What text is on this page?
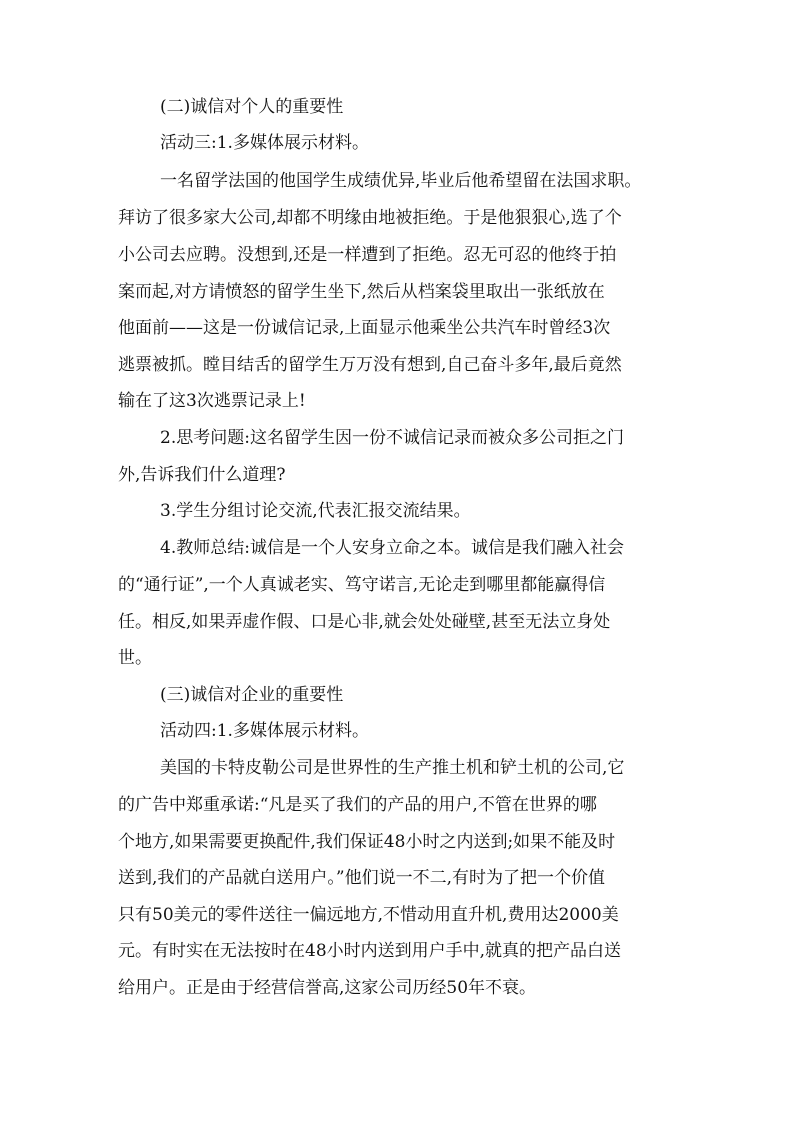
(二)诚信对个人的重要性

活动三:1.多媒体展示材料。

一名留学法国的他国学生成绩优异,毕业后他希望留在法国求职。

拜访了很多家大公司,却都不明缘由地被拒绝。于是他狠狠心,选了个

小公司去应聘。没想到,还是一样遭到了拒绝。忍无可忍的他终于拍

案而起,对方请愤怒的留学生坐下,然后从档案袋里取出一张纸放在

他面前——这是一份诚信记录,上面显示他乘坐公共汽车时曾经3次

逃票被抓。瞠目结舌的留学生万万没有想到,自己奋斗多年,最后竟然

输在了这3次逃票记录上!

2.思考问题:这名留学生因一份不诚信记录而被众多公司拒之门

外,告诉我们什么道理?

3.学生分组讨论交流,代表汇报交流结果。

4.教师总结:诚信是一个人安身立命之本。诚信是我们融入社会

的“通行证”,一个人真诚老实、笃守诺言,无论走到哪里都能赢得信

任。相反,如果弄虚作假、口是心非,就会处处碰壁,甚至无法立身处

世。

(三)诚信对企业的重要性

活动四:1.多媒体展示材料。

美国的卡特皮勒公司是世界性的生产推土机和铲土机的公司,它

的广告中郑重承诺:“凡是买了我们的产品的用户,不管在世界的哪

个地方,如果需要更换配件,我们保证48小时之内送到;如果不能及时

送到,我们的产品就白送用户。”他们说一不二,有时为了把一个价值

只有50美元的零件送往一偏远地方,不惜动用直升机,费用达2000美

元。有时实在无法按时在48小时内送到用户手中,就真的把产品白送

给用户。正是由于经营信誉高,这家公司历经50年不衰。
